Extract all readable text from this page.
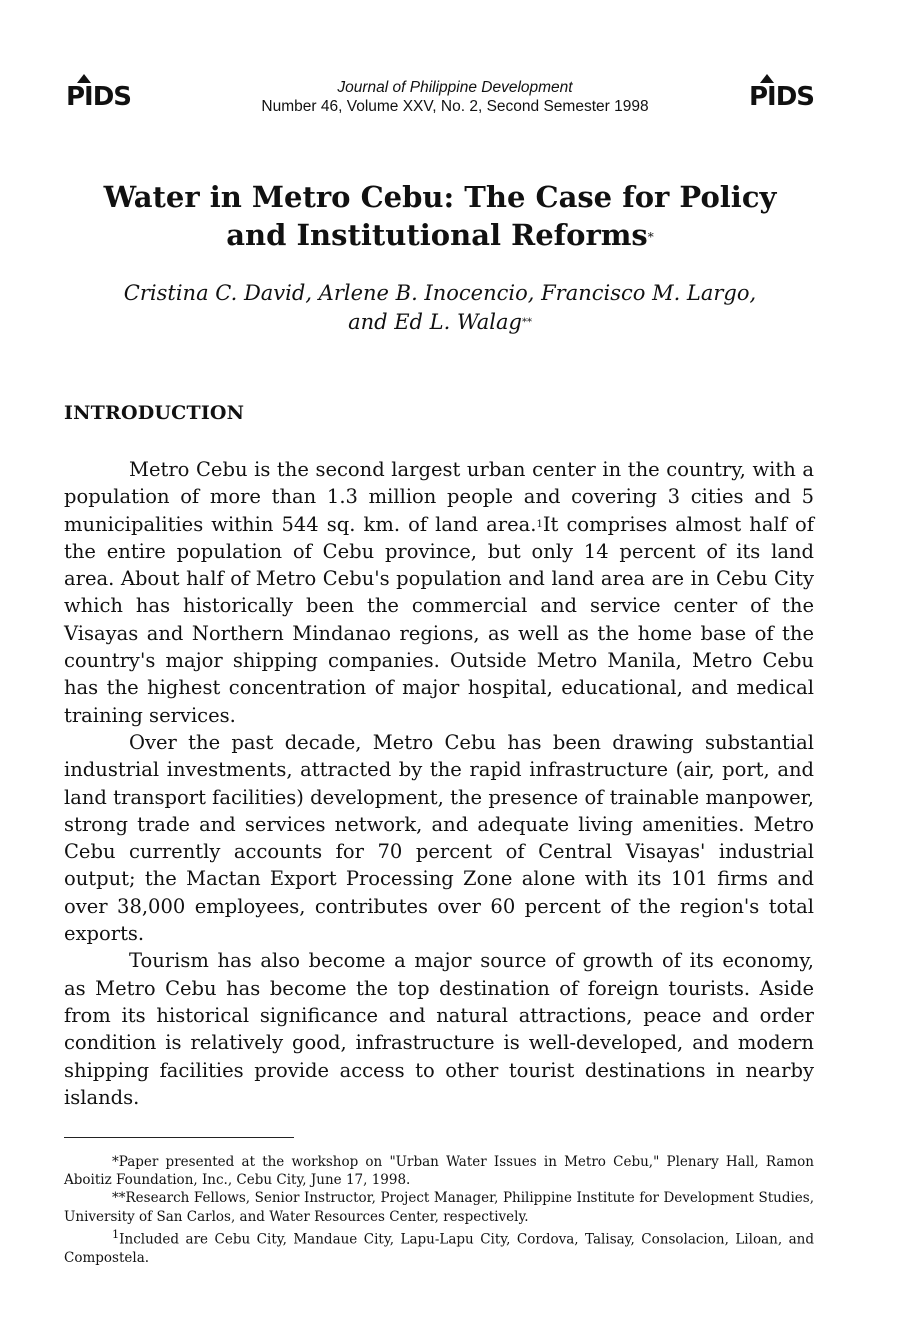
PIDS	Journal of Philippine Development
Number 46, Volume XXV, No. 2, Second Semester 1998	PIDS
Water in Metro Cebu: The Case for Policy
and Institutional Reforms*
Cristina C. David, Arlene B. Inocencio, Francisco M. Largo,
and Ed L. Walag**
INTRODUCTION

Metro Cebu is the second largest urban center in the country, with a population of more than 1.3 million people and covering 3 cities and 5 municipalities within 544 sq. km. of land area.$^1$It comprises almost half of the entire population of Cebu province, but only 14 percent of its land area. About half of Metro Cebu's population and land area are in Cebu City which has historically been the commercial and service center of the Visayas and Northern Mindanao regions, as well as the home base of the country's major shipping companies. Outside Metro Manila, Metro Cebu has the highest concentration of major hospital, educational, and medical training services.

Over the past decade, Metro Cebu has been drawing substantial industrial investments, attracted by the rapid infrastructure (air, port, and land transport facilities) development, the presence of trainable manpower, strong trade and services network, and adequate living amenities. Metro Cebu currently accounts for 70 percent of Central Visayas' industrial output; the Mactan Export Processing Zone alone with its 101 firms and over 38,000 employees, contributes over 60 percent of the region's total exports.

Tourism has also become a major source of growth of its economy, as Metro Cebu has become the top destination of foreign tourists. Aside from its historical significance and natural attractions, peace and order condition is relatively good, infrastructure is well-developed, and modern shipping facilities provide access to other tourist destinations in nearby islands.

*Paper presented at the workshop on "Urban Water Issues in Metro Cebu," Plenary Hall, Ramon Aboitiz Foundation, Inc., Cebu City, June 17, 1998.

**Research Fellows, Senior Instructor, Project Manager, Philippine Institute for Development Studies, University of San Carlos, and Water Resources Center, respectively.

$^1$Included are Cebu City, Mandaue City, Lapu-Lapu City, Cordova, Talisay, Consolacion, Liloan, and Compostela.
